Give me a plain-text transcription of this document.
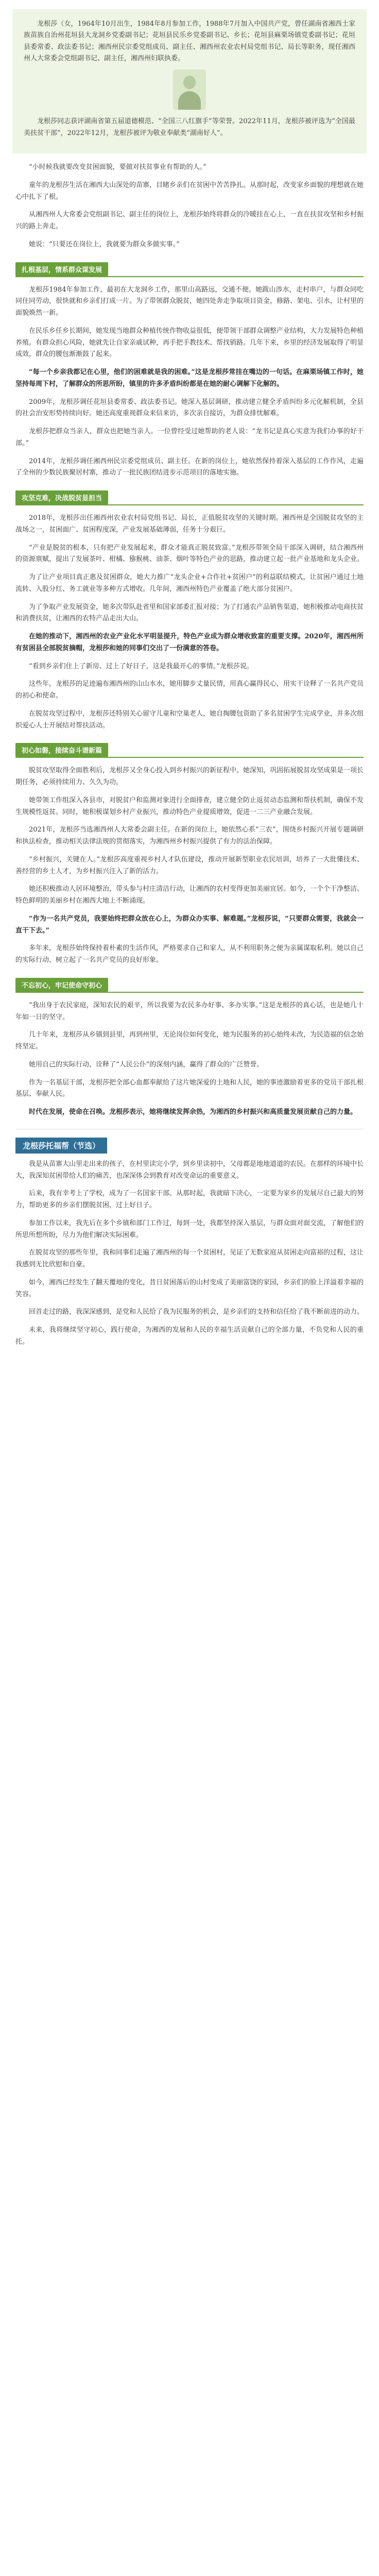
龙根莎（女，1964年10月出生，1984年8月参加工作，1988年7月加入中国共产党，曾任湖南省湘西土家族苗族自治州花垣县大龙洞乡党委副书记；花垣县民乐乡党委副书记、乡长；花垣县麻栗场镇党委副书记；花垣县委常委、政法委书记；湘西州民宗委党组成员、副主任、湘西州农业农村局党组书记、局长等职务，现任湘西州人大常委会党组副书记、副主任，湘西州妇联执委。

龙根莎同志获评湖南省第五届道德模范、“全国三八红旗手”等荣誉。2022年11月，龙根莎被评选为“全国最美扶贫干部”，2022年12月，龙根莎被评为敬业奉献类“湖南好人”。

“小时候我就要改变贫困面貌，要做对扶贫事业有帮助的人。”

童年的龙根莎生活在湘西大山深处的苗寨，目睹乡亲们在贫困中苦苦挣扎。从那时起，改变家乡面貌的理想就在她心中扎下了根。

从湘西州人大常委会党组副书记、副主任的岗位上，龙根莎始终将群众的冷暖挂在心上，一直在扶贫攻坚和乡村振兴的路上奔走。

她说：“只要还在岗位上，我就要为群众多做实事。”

扎根基层，情系群众谋发展

龙根莎1984年参加工作，最初在大龙洞乡工作，那里山高路远，交通不便。她跋山涉水，走村串户，与群众同吃同住同劳动，很快就和乡亲们打成一片。为了带领群众脱贫，她四处奔走争取项目资金，修路、架电、引水，让村里的面貌焕然一新。

在民乐乡任乡长期间，她发现当地群众种植传统作物收益很低，便带领干部群众调整产业结构，大力发展特色种植养殖。有群众担心风险，她就先让自家亲戚试种，再手把手教技术、帮找销路。几年下来，乡里的经济发展取得了明显成效，群众的腰包渐渐鼓了起来。

“每一个乡亲我都记在心里，他们的困难就是我的困难。”这是龙根莎常挂在嘴边的一句话。在麻栗场镇工作时，她坚持每周下村，了解群众的所思所盼，镇里的许多矛盾纠纷都是在她的耐心调解下化解的。

2009年，龙根莎调任花垣县委常委、政法委书记。她深入基层调研，推动建立健全矛盾纠纷多元化解机制，全县的社会治安形势持续向好。她还高度重视群众来信来访，多次亲自接访，为群众排忧解难。

龙根莎把群众当亲人，群众也把她当亲人。一位曾经受过她帮助的老人说：“龙书记是真心实意为我们办事的好干部。”

2014年，龙根莎调任湘西州民宗委党组成员、副主任。在新的岗位上，她依然保持着深入基层的工作作风，走遍了全州的少数民族聚居村寨，推动了一批民族团结进步示范项目的落地实施。

攻坚克难，决战脱贫显担当

2018年，龙根莎出任湘西州农业农村局党组书记、局长，正值脱贫攻坚的关键时期。湘西州是全国脱贫攻坚的主战场之一，贫困面广、贫困程度深，产业发展基础薄弱，任务十分艰巨。

“产业是脱贫的根本，只有把产业发展起来，群众才能真正脱贫致富。”龙根莎带领全局干部深入调研，结合湘西州的资源禀赋，提出了发展茶叶、柑橘、猕猴桃、油茶、烟叶等特色产业的思路，推动建立起一批产业基地和龙头企业。

为了让产业项目真正惠及贫困群众，她大力推广“龙头企业+合作社+贫困户”的利益联结模式，让贫困户通过土地流转、入股分红、务工就业等多种方式增收。几年间，湘西州特色产业覆盖了绝大部分贫困户。

为了争取产业发展资金，她多次带队赴省里和国家部委汇报对接；为了打通农产品销售渠道，她积极推动电商扶贫和消费扶贫，让湘西的农特产品走出大山。

在她的推动下，湘西州的农业产业化水平明显提升，特色产业成为群众增收致富的重要支撑。2020年，湘西州所有贫困县全部脱贫摘帽，龙根莎和她的同事们交出了一份满意的答卷。

“看到乡亲们住上了新房、过上了好日子，这是我最开心的事情。”龙根莎说。

这些年，龙根莎的足迹遍布湘西州的山山水水，她用脚步丈量民情，用真心赢得民心，用实干诠释了一名共产党员的初心和使命。

在脱贫攻坚过程中，龙根莎还特别关心留守儿童和空巢老人，她自掏腰包资助了多名贫困学生完成学业，并多次组织爱心人士开展结对帮扶活动。

初心如磐，接续奋斗谱新篇

脱贫攻坚取得全面胜利后，龙根莎又全身心投入到乡村振兴的新征程中。她深知，巩固拓展脱贫攻坚成果是一项长期任务，必须持续用力、久久为功。

她带领工作组深入各县市，对脱贫户和监测对象进行全面排查，建立健全防止返贫动态监测和帮扶机制，确保不发生规模性返贫。同时，她积极谋划乡村产业振兴，推动特色产业提质增效，促进一二三产业融合发展。

2021年，龙根莎当选湘西州人大常委会副主任。在新的岗位上，她依然心系“三农”，围绕乡村振兴开展专题调研和执法检查，推动相关法律法规的贯彻落实，为湘西州乡村振兴提供了有力的法治保障。

“乡村振兴，关键在人。”龙根莎高度重视乡村人才队伍建设，推动开展新型职业农民培训，培养了一大批懂技术、善经营的乡土人才，为乡村振兴注入了新的活力。

她还积极推动人居环境整治，带头参与村庄清洁行动，让湘西的农村变得更加美丽宜居。如今，一个个干净整洁、特色鲜明的美丽乡村在湘西大地上不断涌现。

“作为一名共产党员，我要始终把群众放在心上，为群众办实事、解难题。”龙根莎说，“只要群众需要，我就会一直干下去。”

多年来，龙根莎始终保持着朴素的生活作风，严格要求自己和家人，从不利用职务之便为亲属谋取私利。她以自己的实际行动，树立起了一名共产党员的良好形象。

不忘初心，牢记使命守初心

“我出身于农民家庭，深知农民的艰辛，所以我要为农民多办好事、多办实事。”这是龙根莎的真心话，也是她几十年如一日的坚守。

几十年来，龙根莎从乡镇到县里，再到州里，无论岗位如何变化，她为民服务的初心始终未改，为民造福的信念始终坚定。

她用自己的实际行动，诠释了“人民公仆”的深刻内涵，赢得了群众的广泛赞誉。

作为一名基层干部，龙根莎把全部心血都奉献给了这片她深爱的土地和人民，她的事迹激励着更多的党员干部扎根基层、奉献人民。

时代在发展，使命在召唤。龙根莎表示，她将继续发挥余热，为湘西的乡村振兴和高质量发展贡献自己的力量。

龙根莎托福帮（节选）

我是从苗寨大山里走出来的孩子，在村里读完小学，到乡里读初中，父母都是地地道道的农民。在那样的环境中长大，我深知贫困带给人们的痛苦，也深深体会到教育对改变命运的重要意义。

后来，我有幸考上了学校，成为了一名国家干部。从那时起，我就暗下决心，一定要为家乡的发展尽自己最大的努力，帮助更多的乡亲们摆脱贫困，过上好日子。

参加工作以来，我先后在多个乡镇和部门工作过，每到一处，我都坚持深入基层，与群众面对面交流，了解他们的所思所想所盼，尽力为他们解决实际困难。

在脱贫攻坚的那些年里，我和同事们走遍了湘西州的每一个贫困村，见证了无数家庭从贫困走向富裕的过程，这让我感到无比欣慰和自豪。

如今，湘西已经发生了翻天覆地的变化，昔日贫困落后的山村变成了美丽富饶的家园，乡亲们的脸上洋溢着幸福的笑容。

回首走过的路，我深深感到，是党和人民给了我为民服务的机会，是乡亲们的支持和信任给了我不断前进的动力。

未来，我将继续坚守初心，践行使命，为湘西的发展和人民的幸福生活贡献自己的全部力量，不负党和人民的重托。
